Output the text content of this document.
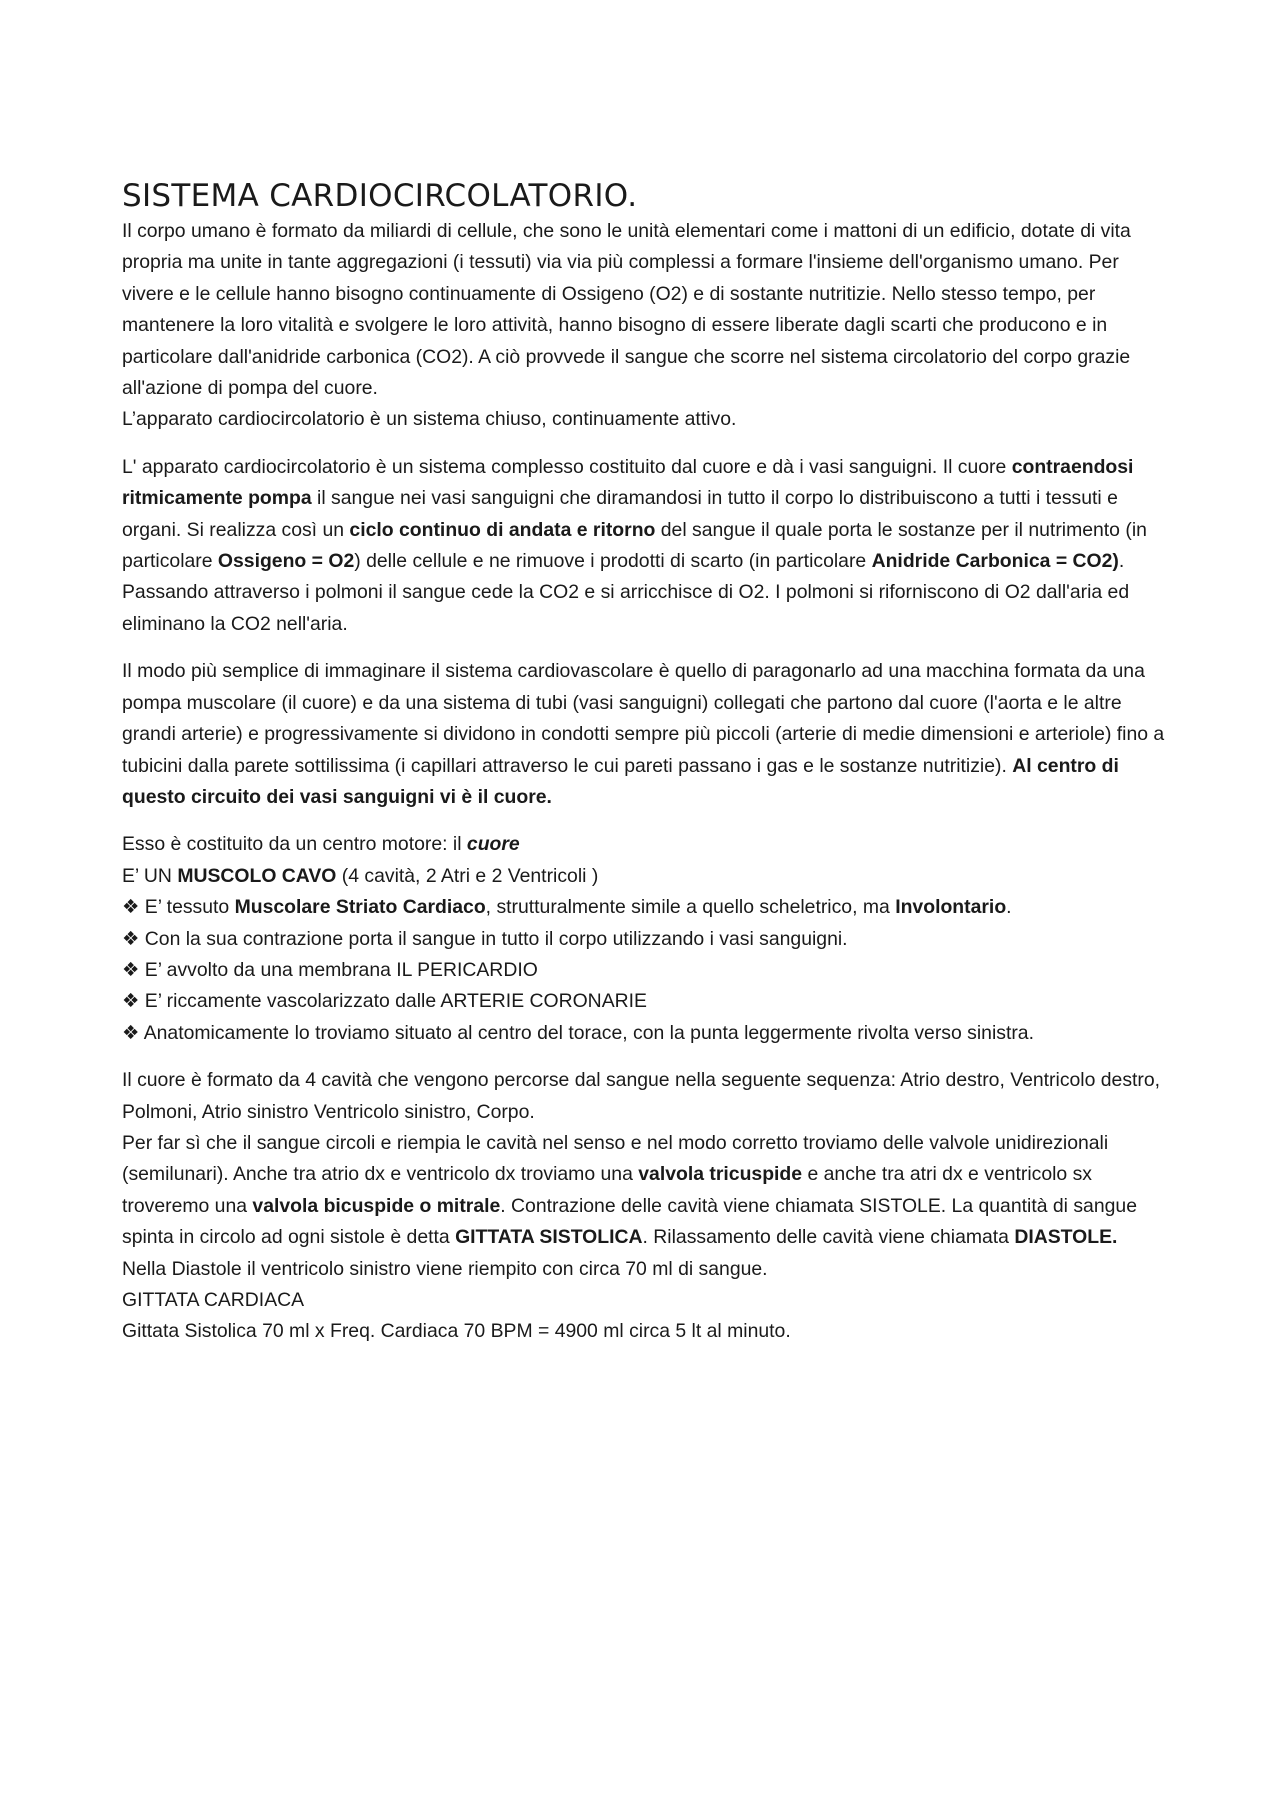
SISTEMA CARDIOCIRCOLATORIO.

Il corpo umano è formato da miliardi di cellule, che sono le unità elementari come i mattoni di un edificio, dotate di vita propria ma unite in tante aggregazioni (i tessuti) via via più complessi a formare l'insieme dell'organismo umano. Per vivere e le cellule hanno bisogno continuamente di Ossigeno (O2) e di sostante nutritizie. Nello stesso tempo, per mantenere la loro vitalità e svolgere le loro attività, hanno bisogno di essere liberate dagli scarti che producono e in particolare dall'anidride carbonica (CO2). A ciò provvede il sangue che scorre nel sistema circolatorio del corpo grazie all'azione di pompa del cuore.
L’apparato cardiocircolatorio è un sistema chiuso, continuamente attivo.

L' apparato cardiocircolatorio è un sistema complesso costituito dal cuore e dà i vasi sanguigni. Il cuore contraendosi ritmicamente pompa il sangue nei vasi sanguigni che diramandosi in tutto il corpo lo distribuiscono a tutti i tessuti e organi. Si realizza così un ciclo continuo di andata e ritorno del sangue il quale porta le sostanze per il nutrimento (in particolare Ossigeno = O2) delle cellule e ne rimuove i prodotti di scarto (in particolare Anidride Carbonica = CO2). Passando attraverso i polmoni il sangue cede la CO2 e si arricchisce di O2. I polmoni si riforniscono di O2 dall'aria ed eliminano la CO2 nell'aria.

Il modo più semplice di immaginare il sistema cardiovascolare è quello di paragonarlo ad una macchina formata da una pompa muscolare (il cuore) e da una sistema di tubi (vasi sanguigni) collegati che partono dal cuore (l'aorta e le altre grandi arterie) e progressivamente si dividono in condotti sempre più piccoli (arterie di medie dimensioni e arteriole) fino a tubicini dalla parete sottilissima (i capillari attraverso le cui pareti passano i gas e le sostanze nutritizie). Al centro di questo circuito dei vasi sanguigni vi è il cuore.

Esso è costituito da un centro motore: il cuore
E’ UN MUSCOLO CAVO (4 cavità, 2 Atri e 2 Ventricoli )
❖ E’ tessuto Muscolare Striato Cardiaco, strutturalmente simile a quello scheletrico, ma Involontario.
❖ Con la sua contrazione porta il sangue in tutto il corpo utilizzando i vasi sanguigni.
❖ E’ avvolto da una membrana IL PERICARDIO
❖ E’ riccamente vascolarizzato dalle ARTERIE CORONARIE
❖ Anatomicamente lo troviamo situato al centro del torace, con la punta leggermente rivolta verso sinistra.
Il cuore è formato da 4 cavità che vengono percorse dal sangue nella seguente sequenza: Atrio destro, Ventricolo destro, Polmoni, Atrio sinistro Ventricolo sinistro, Corpo.
Per far sì che il sangue circoli e riempia le cavità nel senso e nel modo corretto troviamo delle valvole unidirezionali (semilunari). Anche tra atrio dx e ventricolo dx troviamo una valvola tricuspide e anche tra atri dx e ventricolo sx troveremo una valvola bicuspide o mitrale. Contrazione delle cavità viene chiamata SISTOLE. La quantità di sangue spinta in circolo ad ogni sistole è detta GITTATA SISTOLICA. Rilassamento delle cavità viene chiamata DIASTOLE.
Nella Diastole il ventricolo sinistro viene riempito con circa 70 ml di sangue.
GITTATA CARDIACA
Gittata Sistolica 70 ml x Freq. Cardiaca 70 BPM = 4900 ml circa 5 lt al minuto.
